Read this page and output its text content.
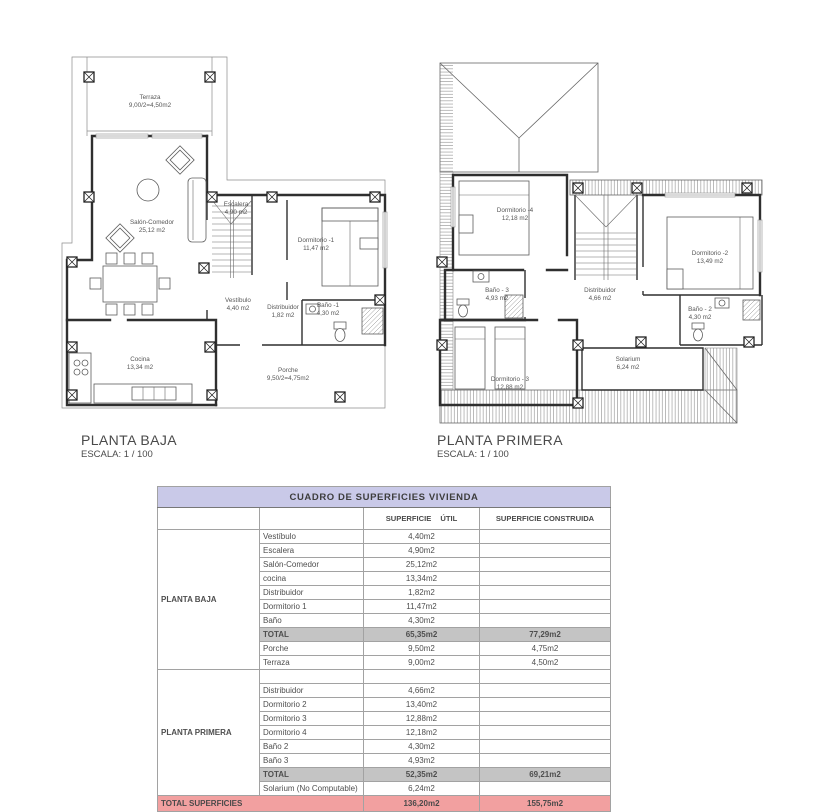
Terraza
9,00/2=4,50m2
Salón-Comedor
25,12 m2
Escalera
4,90 m2
Dormitorio -1
11,47 m2
Vestíbulo
4,40 m2	Distribuidor
1,82 m2
Baño -1
4,30 m2
Cocina
13,34 m2	Porche
9,50/2=4,75m2
Dormitorio -4
12,18 m2
Dormitorio -2
13,49 m2
Baño - 3
4,93 m2
Distribuidor
4,66 m2
Baño - 2
4,30 m2
Dormitorio - 3
12,88 m2
Solarium
6,24 m2
PLANTA BAJA
ESCALA: 1 / 100
PLANTA PRIMERA
ESCALA: 1 / 100
CUADRO DE SUPERFICIES VIVIENDA			
		SUPERFICIE ÚTIL	SUPERFICIE CONSTRUIDA
PLANTA BAJA	Vestíbulo	4,40m2	
	Escalera	4,90m2	
	Salón-Comedor	25,12m2	
	cocina	13,34m2	
	Distribuidor	1,82m2	
	Dormitorio 1	11,47m2	
	Baño	4,30m2	
	TOTAL	65,35m2	77,29m2
	Porche	9,50m2	4,75m2
	Terraza	9,00m2	4,50m2
PLANTA PRIMERA			
	Distribuidor	4,66m2	
	Dormitorio 2	13,40m2	
	Dormitorio 3	12,88m2	
	Dormitorio 4	12,18m2	
	Baño 2	4,30m2	
	Baño 3	4,93m2	
	TOTAL	52,35m2	69,21m2
	Solarium (No Computable)	6,24m2	
TOTAL SUPERFICIES		136,20m2	155,75m2
